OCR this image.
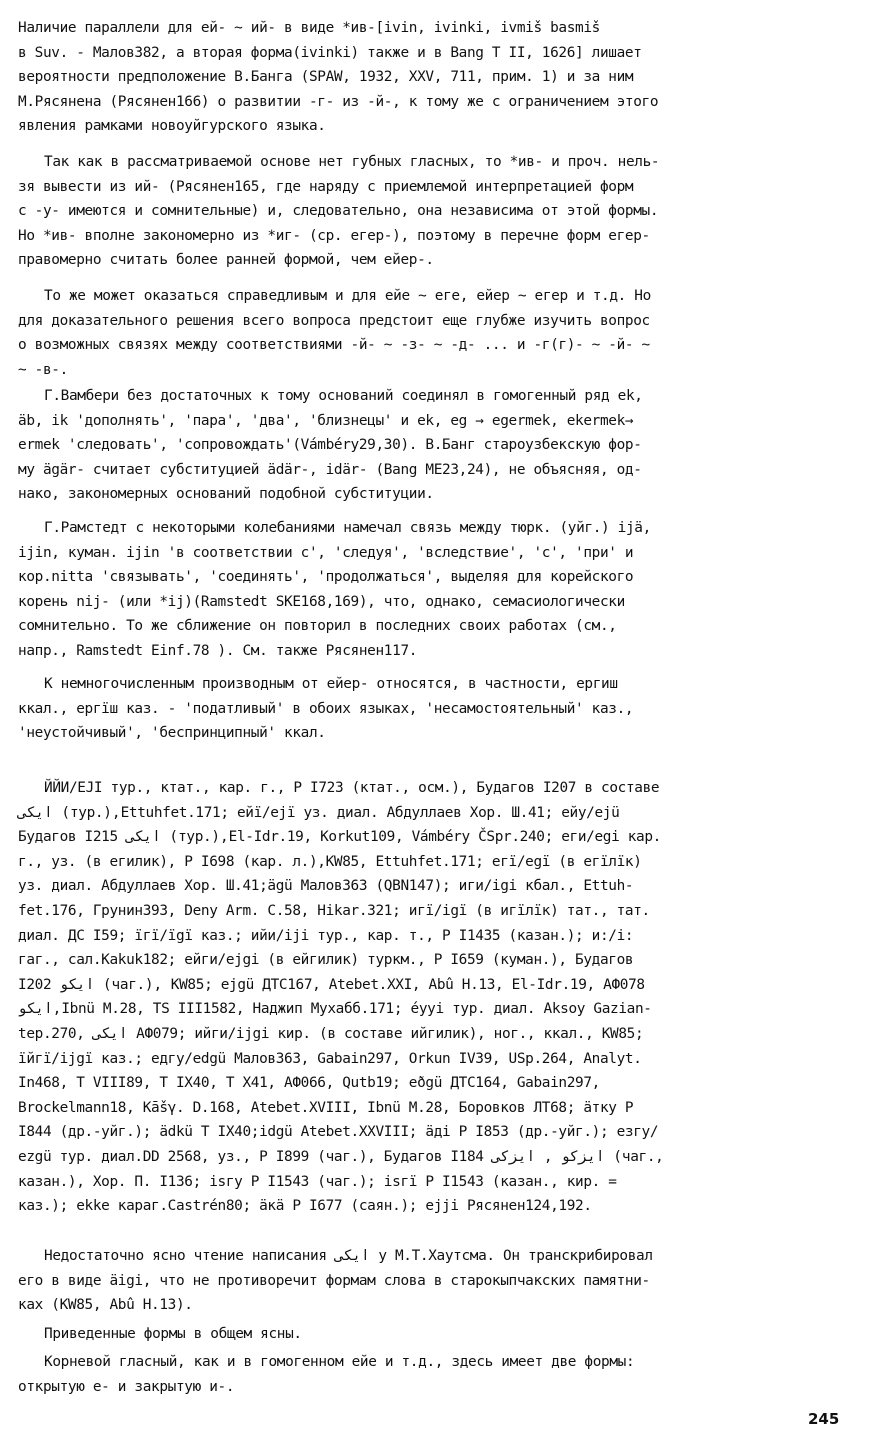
Наличие параллели для ей- ~ ий- в виде *ив-[ivin, ivinki, ivmiš basmiš
в Suv. - Малов382, а вторая форма(ivinki) также и в Bang T II, 1626] лишает
вероятности предположение В.Банга (SPAW, 1932, XXV, 711, прим. 1) и за ним
М.Рясянена (Рясянен166) о развитии -г- из -й-, к тому же с ограничением этого
явления рамками новоуйгурского языка.
Так как в рассматриваемой основе нет губных гласных, то *ив- и проч. нель-
зя вывести из ий- (Рясянен165, где наряду с приемлемой интерпретацией форм
с -у- имеются и сомнительные) и, следовательно, она независима от этой формы.
Но *ив- вполне закономерно из *иг- (ср. егер-), поэтому в перечне форм егер-
правомерно считать более ранней формой, чем ейер-.
То же может оказаться справедливым и для ейе ~ еге, ейер ~ егер и т.д. Но
для доказательного решения всего вопроса предстоит еще глубже изучить вопрос
о возможных связях между соответствиями -й- ~ -з- ~ -д- ... и -г(г)- ~ -й- ~
~ -в-.
Г.Вамбери без достаточных к тому оснований соединял в гомогенный ряд ek,
äb, ik 'дополнять', 'пара', 'два', 'близнецы' и ek, eg → egermek, ekermek→
ermek 'следовать', 'сопровождать'(Vámbéry29,30). В.Банг староузбекскую фор-
му ägär- считает субституцией ädär-, idär- (Bang ME23,24), не объясняя, од-
нако, закономерных оснований подобной субституции.
Г.Рамстедт с некоторыми колебаниями намечал связь между тюрк. (уйг.) ijä,
ijin, куман. ijin 'в соответствии с', 'следуя', 'вследствие', 'с', 'при' и
кор.nitta 'связывать', 'соединять', 'продолжаться', выделяя для корейского
корень nij- (или *ij)(Ramstedt SKE168,169), что, однако, семасиологически
сомнительно. То же сближение он повторил в последних своих работах (см.,
напр., Ramstedt Einf.78 ). См. также Рясянен117.
К немногочисленным производным от ейер- относятся, в частности, ергиш
ккал., ергїш каз. - 'податливый' в обоих языках, 'несамостоятельный' каз.,
'неустойчивый', 'беспринципный' ккал.
ЙЙИ/EJI тур., ктат., кар. г., Р I723 (ктат., осм.), Будагов I207 в составе
ايكى (тур.),Ettuhfet.171; ейї/ejї уз. диал. Абдуллаев Хор. Ш.41; ейу/ejü
Будагов I215 ايكى (тур.),El-Idr.19, Korkut109, Vámbéry ČSpr.240; еги/egi кар.
г., уз. (в егилик), Р I698 (кар. л.),KW85, Ettuhfet.171; егї/egï (в егїлїк)
уз. диал. Абдуллаев Хор. Ш.41;ägü Малов363 (QBN147); иги/igi кбал., Ettuh-
fet.176, Грунин393, Deny Arm. C.58, Hikar.321; игї/igї (в игїлїк) тат., тат.
диал. ДС I59; їгї/їgї каз.; ийи/iji тур., кар. т., Р I1435 (казан.); и:/i:
гаг., сал.Kakuk182; ейги/ejgi (в ейгилик) туркм., Р I659 (куман.), Будагов
I202 ايكو (чаг.), KW85; ejgü ДТС167, Atebet.XXI, Abû H.13, El-Idr.19, АФ078
ايكو,Ibnü M.28, TS III1582, Наджип Мухабб.171; éyyi тур. диал. Aksoy Gazian-
tep.270, ايكى АФ079; ийги/ijgi кир. (в составе ийгилик), ног., ккал., KW85;
їйгї/ijgї каз.; едгу/edgü Малов363, Gabain297, Orkun IV39, USp.264, Analyt.
In468, T VIII89, T IX40, T X41, АФ066, Qutb19; eðgü ДТС164, Gabain297,
Brockelmann18, Kāšγ. D.168, Atebet.XVIII, Ibnü M.28, Боровков ЛТ68; äтку Р
I844 (др.-уйг.); ädkü T IX40;idgü Atebet.XXVIII; äді Р I853 (др.-уйг.); езгу/
ezgü тур. диал.DD 2568, уз., Р I899 (чаг.), Будагов I184 ايزكو , ايزكى (чаг.,
казан.), Хор. П. I136; isгу Р I1543 (чаг.); isгї Р I1543 (казан., кир. =
каз.); ekke караг.Castrén80; äкä Р I677 (саян.); ejji Рясянен124,192.
Недостаточно ясно чтение написания ايكى у М.Т.Хаутсма. Он транскрибировал
его в виде äigi, что не противоречит формам слова в старокыпчакских памятни-
ках (KW85, Abû H.13).
Приведенные формы в общем ясны.
Корневой гласный, как и в гомогенном ейе и т.д., здесь имеет две формы:
открытую е- и закрытую и-.
245
